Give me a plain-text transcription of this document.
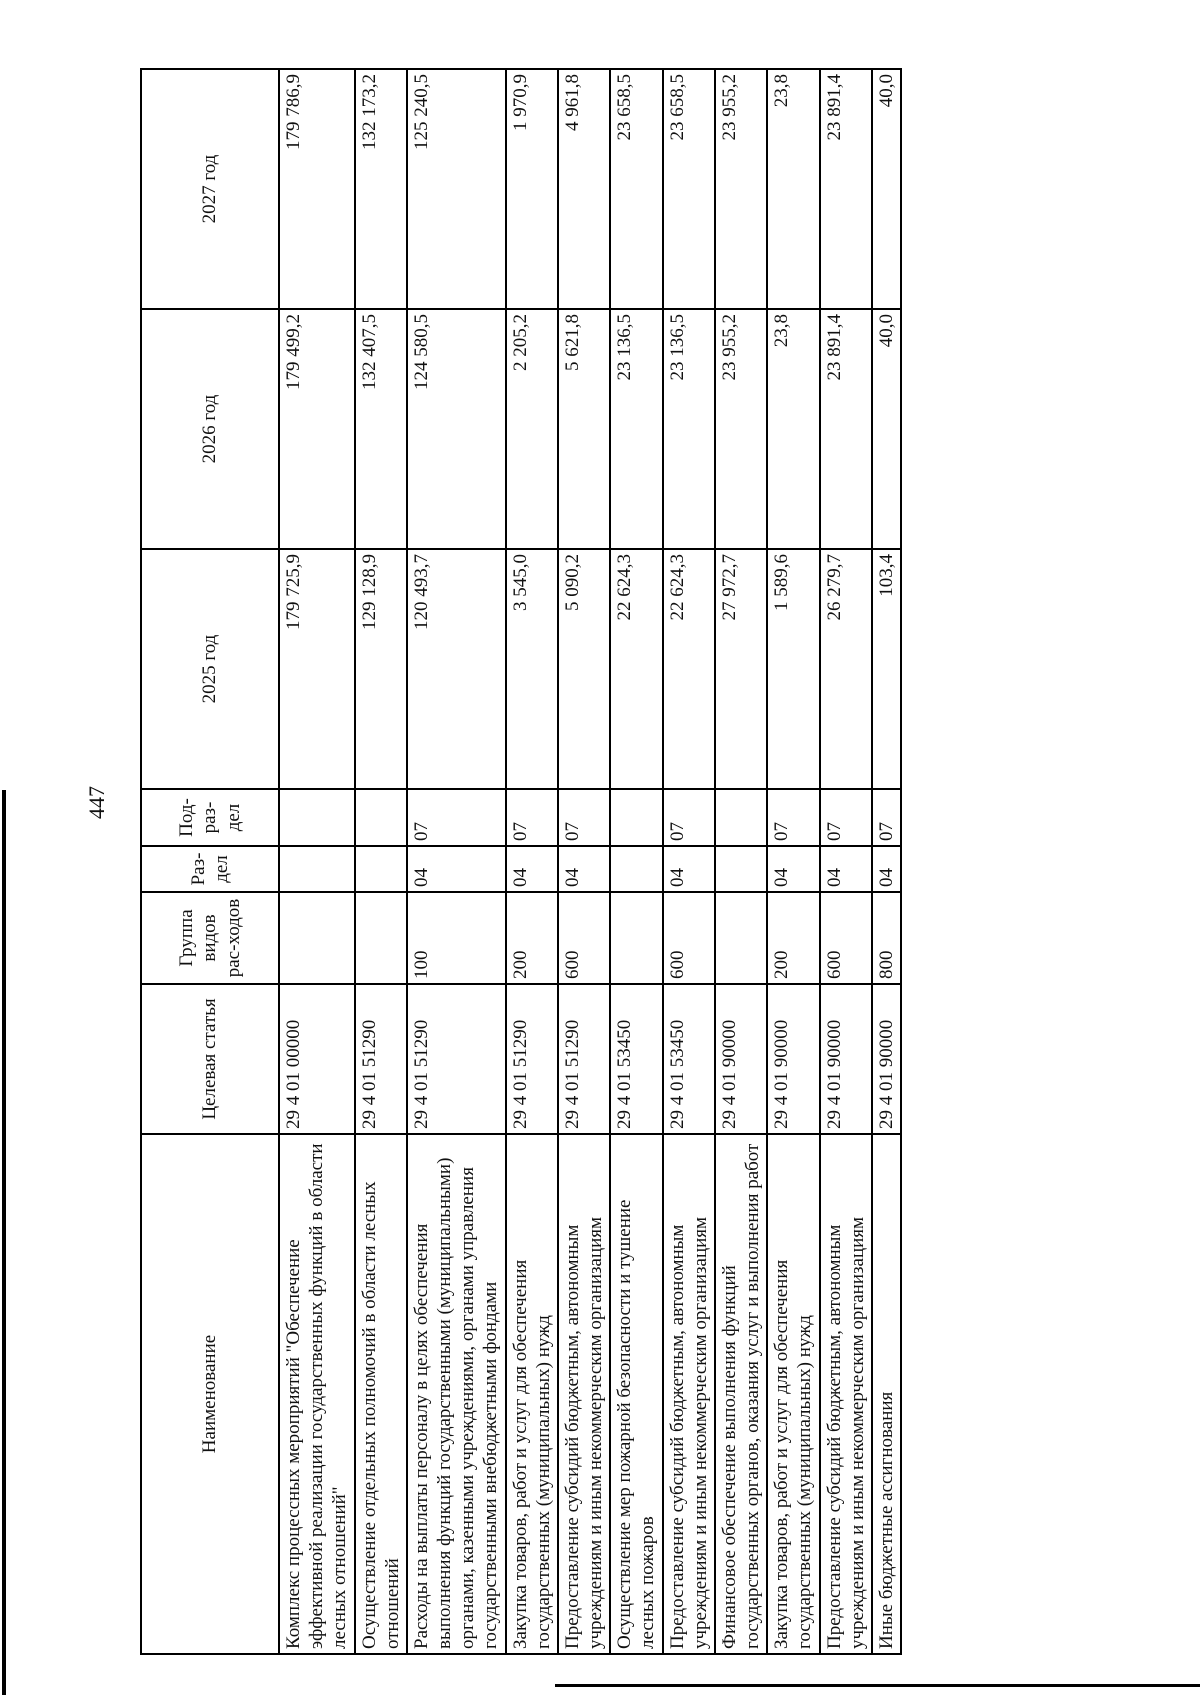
447
Наименование	Целевая статья	Группа видов рас-ходов	Раз-дел	Под-раз-дел	2025 год	2026 год	2027 год
Комплекс процессных мероприятий "Обеспечение эффективной реализации государственных функций в области лесных отношений"	29 4 01 00000				179 725,9	179 499,2	179 786,9
Осуществление отдельных полномочий в области лесных отношений	29 4 01 51290				129 128,9	132 407,5	132 173,2
Расходы на выплаты персоналу в целях обеспечения выполнения функций государственными (муниципальными) органами, казенными учреждениями, органами управления государственными внебюджетными фондами	29 4 01 51290	100	04	07	120 493,7	124 580,5	125 240,5
Закупка товаров, работ и услуг для обеспечения государственных (муниципальных) нужд	29 4 01 51290	200	04	07	3 545,0	2 205,2	1 970,9
Предоставление субсидий бюджетным, автономным учреждениям и иным некоммерческим организациям	29 4 01 51290	600	04	07	5 090,2	5 621,8	4 961,8
Осуществление мер пожарной безопасности и тушение лесных пожаров	29 4 01 53450				22 624,3	23 136,5	23 658,5
Предоставление субсидий бюджетным, автономным учреждениям и иным некоммерческим организациям	29 4 01 53450	600	04	07	22 624,3	23 136,5	23 658,5
Финансовое обеспечение выполнения функций государственных органов, оказания услуг и выполнения работ	29 4 01 90000				27 972,7	23 955,2	23 955,2
Закупка товаров, работ и услуг для обеспечения государственных (муниципальных) нужд	29 4 01 90000	200	04	07	1 589,6	23,8	23,8
Предоставление субсидий бюджетным, автономным учреждениям и иным некоммерческим организациям	29 4 01 90000	600	04	07	26 279,7	23 891,4	23 891,4
Иные бюджетные ассигнования	29 4 01 90000	800	04	07	103,4	40,0	40,0
